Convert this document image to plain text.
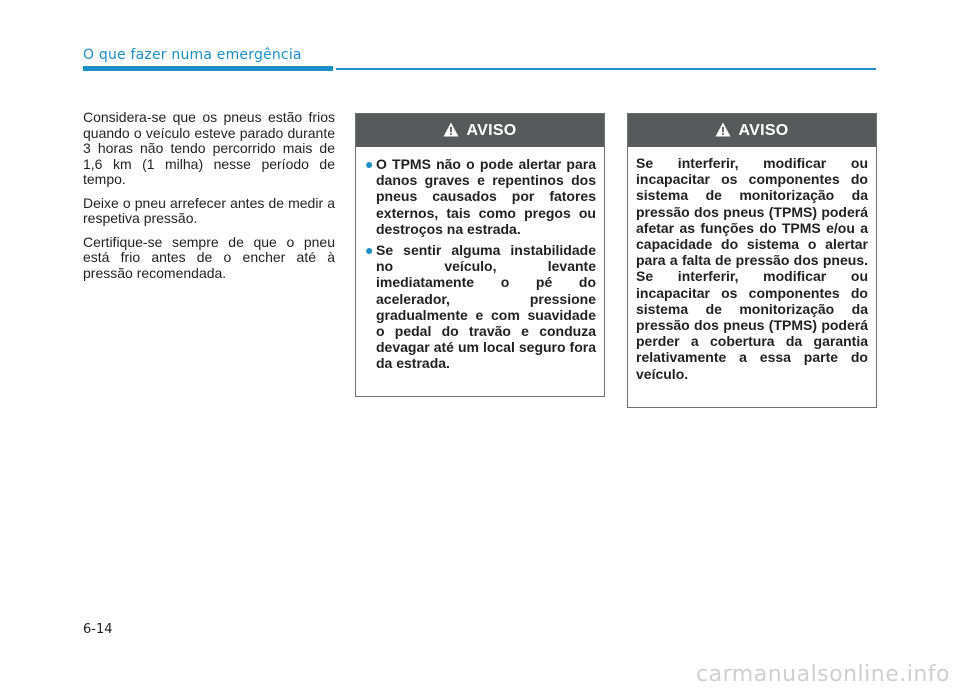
O que fazer numa emergência

Considera-se que os pneus estão frios quando o veículo esteve parado durante 3 horas não tendo percorrido mais de 1,6 km (1 milha) nesse período de tempo.

Deixe o pneu arrefecer antes de medir a respetiva pressão.

Certifique-se sempre de que o pneu está frio antes de o encher até à pressão recomendada.

AVISO
● O TPMS não o pode alertar para danos graves e repentinos dos pneus causados por fatores externos, tais como pregos ou destroços na estrada.
● Se sentir alguma instabilidade no veículo, levante imediatamente o pé do acelerador, pressione gradualmente e com suavidade o pedal do travão e conduza devagar até um local seguro fora da estrada.
AVISO

Se interferir, modificar ou incapacitar os componentes do sistema de monitorização da pressão dos pneus (TPMS) poderá afetar as funções do TPMS e/ou a capacidade do sistema o alertar para a falta de pressão dos pneus. Se interferir, modificar ou incapacitar os componentes do sistema de monitorização da pressão dos pneus (TPMS) poderá perder a cobertura da garantia relativamente a essa parte do veículo.

6-14
carmanualsonline.info
